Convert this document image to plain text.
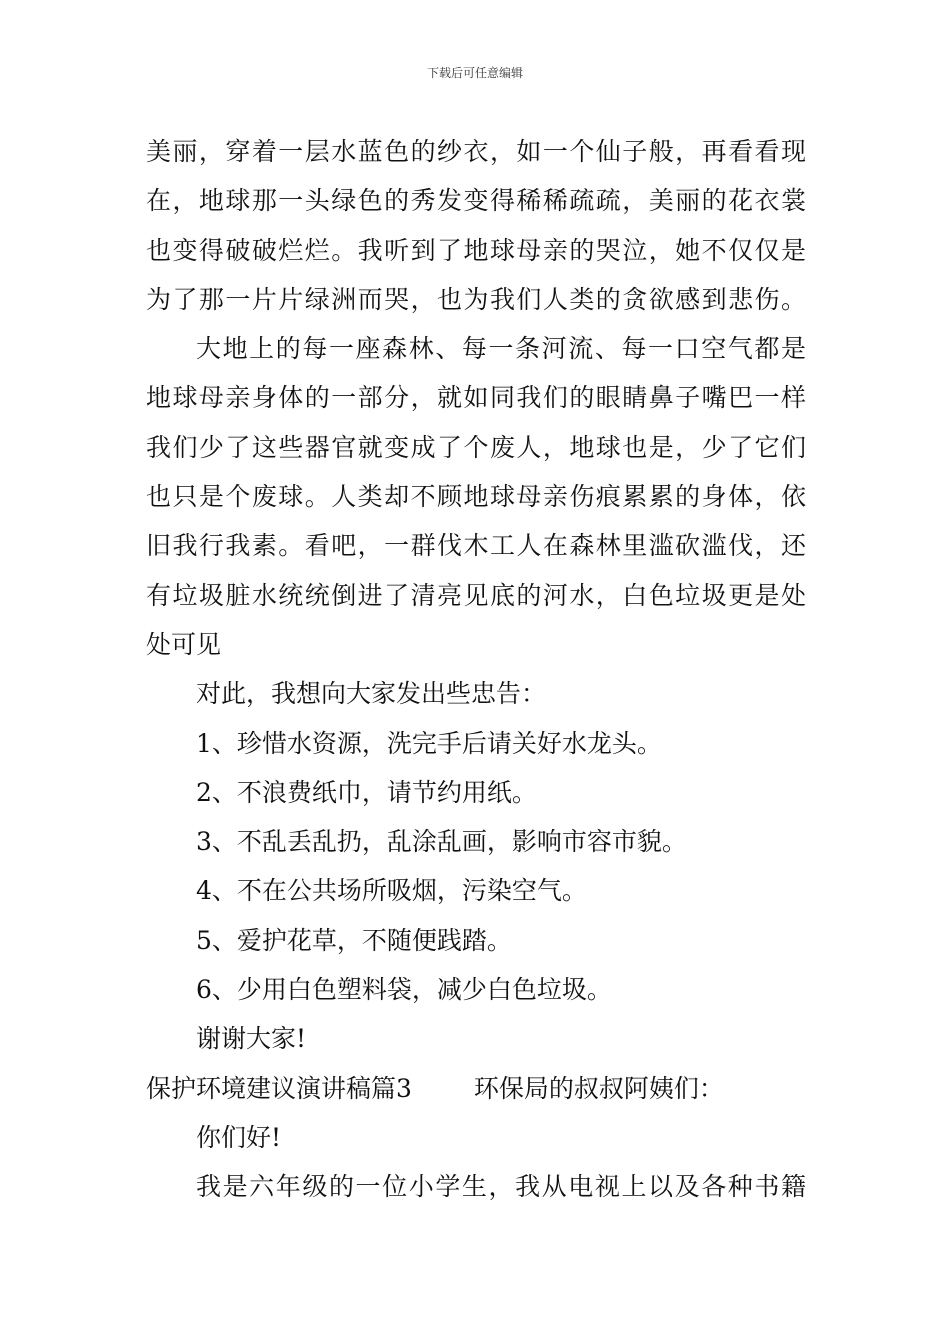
下载后可任意编辑
美丽，穿着一层水蓝色的纱衣，如一个仙子般，再看看现
在，地球那一头绿色的秀发变得稀稀疏疏，美丽的花衣裳
也变得破破烂烂。我听到了地球母亲的哭泣，她不仅仅是
为了那一片片绿洲而哭，也为我们人类的贪欲感到悲伤。
大地上的每一座森林、每一条河流、每一口空气都是
地球母亲身体的一部分，就如同我们的眼睛鼻子嘴巴一样
我们少了这些器官就变成了个废人，地球也是，少了它们
也只是个废球。人类却不顾地球母亲伤痕累累的身体，依
旧我行我素。看吧，一群伐木工人在森林里滥砍滥伐，还
有垃圾脏水统统倒进了清亮见底的河水，白色垃圾更是处
处可见
对此，我想向大家发出些忠告：
1、珍惜水资源，洗完手后请关好水龙头。
2、不浪费纸巾，请节约用纸。
3、不乱丢乱扔，乱涂乱画，影响市容市貌。
4、不在公共场所吸烟，污染空气。
5、爱护花草，不随便践踏。
6、少用白色塑料袋，减少白色垃圾。
谢谢大家!
保护环境建议演讲稿篇3 环保局的叔叔阿姨们：
你们好!
我是六年级的一位小学生，我从电视上以及各种书籍
